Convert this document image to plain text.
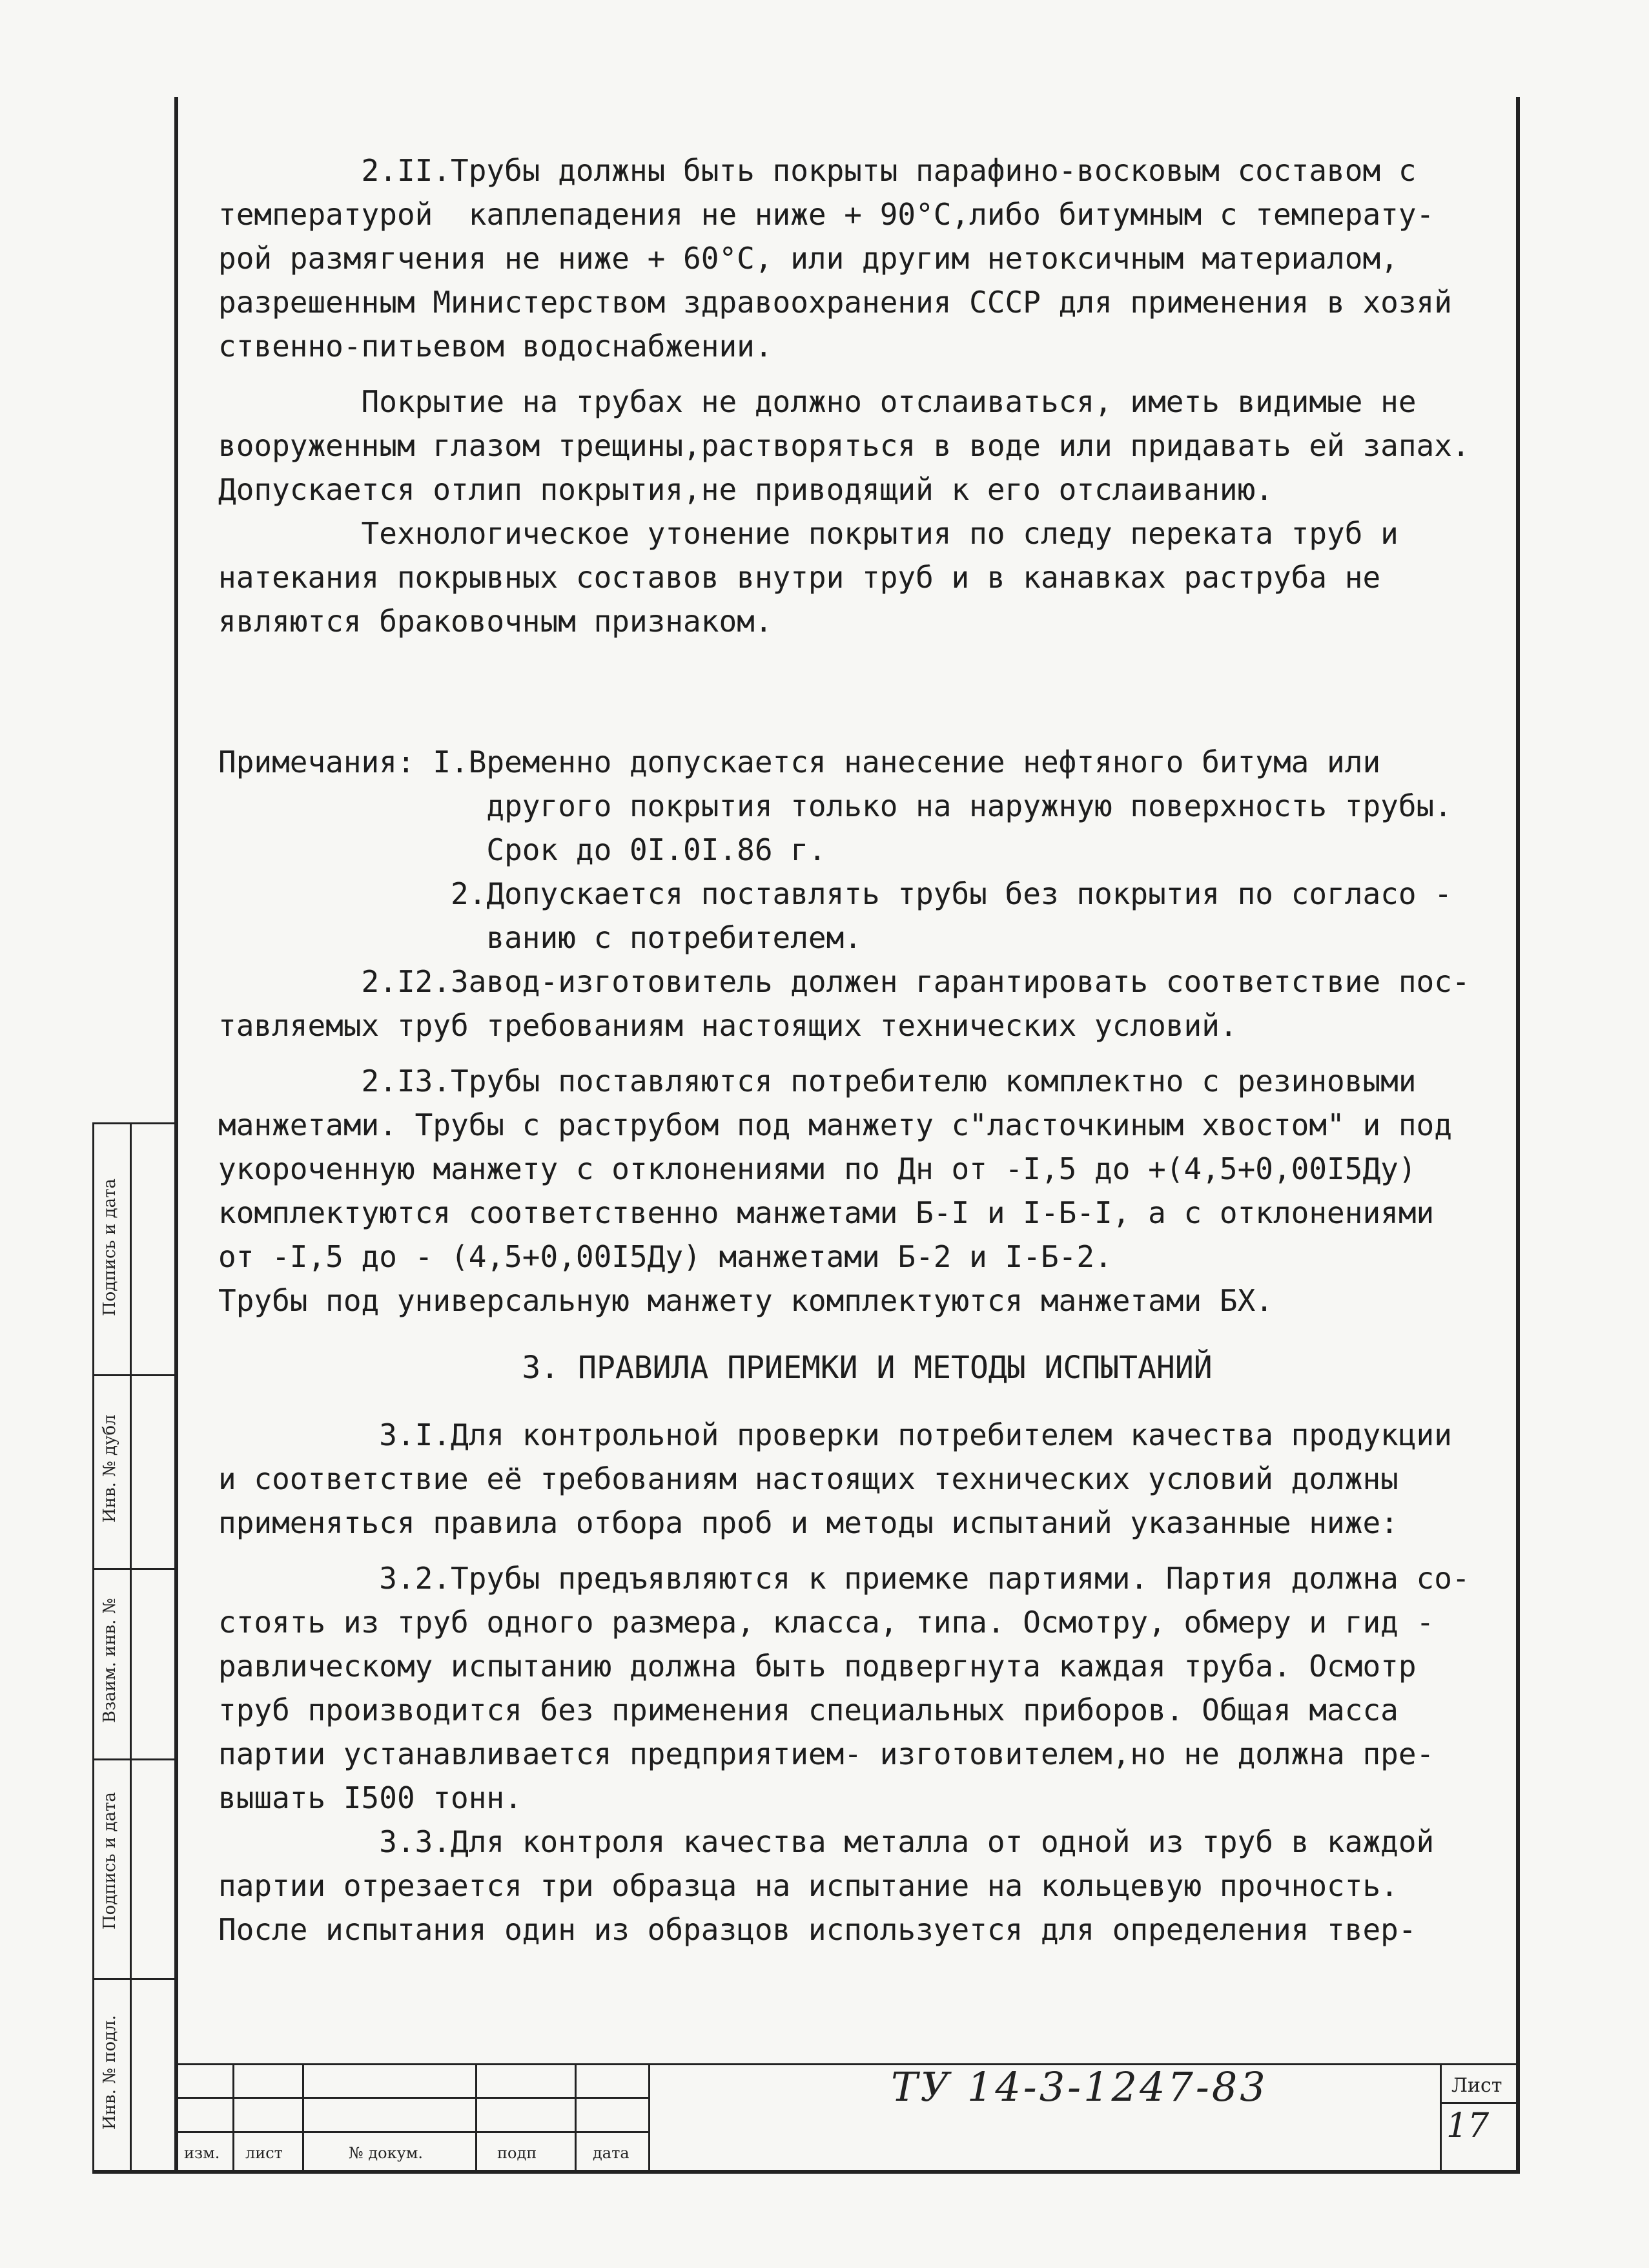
2.II.Трубы должны быть покрыты парафино-восковым составом с

температурой  каплепадения не ниже + 90°С,либо битумным с температу-

рой размягчения не ниже + 60°С, или другим нетоксичным материалом,

разрешенным Министерством здравоохранения СССР для применения в хозяй

ственно-питьевом водоснабжении.

Покрытие на трубах не должно отслаиваться, иметь видимые не

вооруженным глазом трещины,растворяться в воде или придавать ей запах.

Допускается отлип покрытия,не приводящий к его отслаиванию.

Технологическое утонение покрытия по следу переката труб и

натекания покрывных составов внутри труб и в канавках раструба не

являются браковочным признаком.

Примечания: I.Временно допускается нанесение нефтяного битума или

другого покрытия только на наружную поверхность трубы.

Срок до 0I.0I.86 г.

2.Допускается поставлять трубы без покрытия по согласо -

ванию с потребителем.

2.I2.Завод-изготовитель должен гарантировать соответствие пос-

тавляемых труб требованиям настоящих технических условий.

2.I3.Трубы поставляются потребителю комплектно с резиновыми

манжетами. Трубы с раструбом под манжету с"ласточкиным хвостом" и под

укороченную манжету с отклонениями по Дн от -I,5 до +(4,5+0,00I5Ду)

комплектуются соответственно манжетами Б-I и I-Б-I, а с отклонениями

от -I,5 до - (4,5+0,00I5Ду) манжетами Б-2 и I-Б-2.

Трубы под универсальную манжету комплектуются манжетами БХ.

3. ПРАВИЛА ПРИЕМКИ И МЕТОДЫ ИСПЫТАНИЙ

3.I.Для контрольной проверки потребителем качества продукции

и соответствие её требованиям настоящих технических условий должны

применяться правила отбора проб и методы испытаний указанные ниже:

3.2.Трубы предъявляются к приемке партиями. Партия должна со-

стоять из труб одного размера, класса, типа. Осмотру, обмеру и гид -

равлическому испытанию должна быть подвергнута каждая труба. Осмотр

труб производится без применения специальных приборов. Общая масса

партии устанавливается предприятием- изготовителем,но не должна пре-

вышать I500 тонн.

3.3.Для контроля качества металла от одной из труб в каждой

партии отрезается три образца на испытание на кольцевую прочность.

После испытания один из образцов используется для определения твер-

Подпись и дата
Инв. № дубл
Взаим. инв. №
Подпись и дата
Инв. № подл.
изм. лист	№ докум.	подп	дата
ТУ 14-3-1247-83	Лист
17
